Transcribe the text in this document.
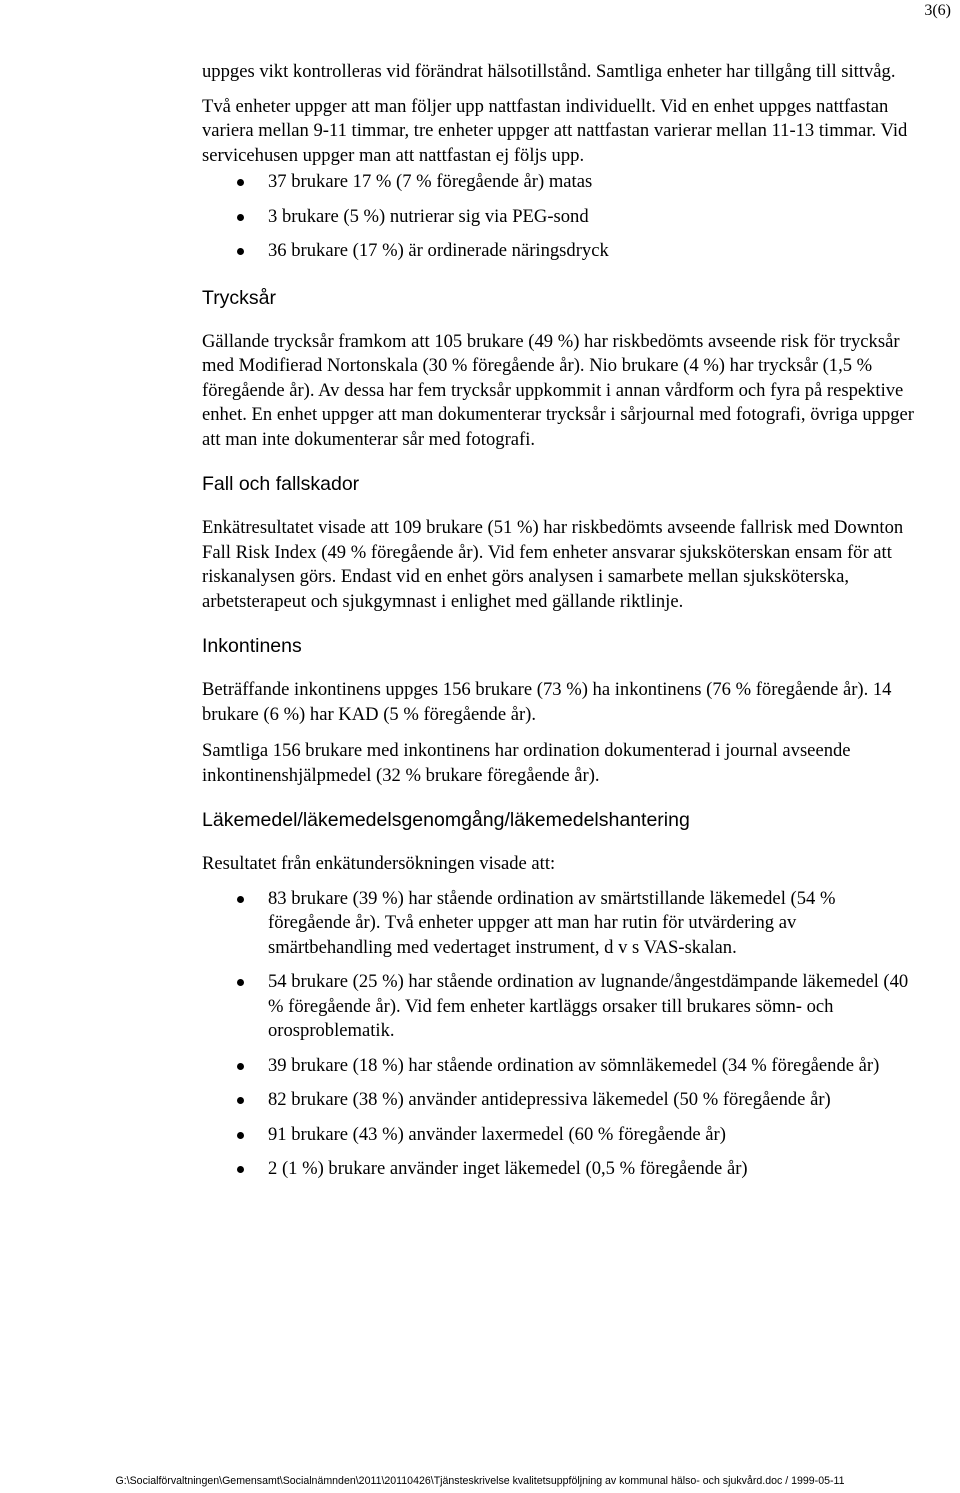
3(6)

uppges vikt kontrolleras vid förändrat hälsotillstånd. Samtliga enheter har tillgång till sittvåg.

Två enheter uppger att man följer upp nattfastan individuellt. Vid en enhet uppges nattfastan variera mellan 9-11 timmar, tre enheter uppger att nattfastan varierar mellan 11-13 timmar. Vid servicehusen uppger man att nattfastan ej följs upp.

37 brukare 17 % (7 % föregående år) matas
3 brukare (5 %) nutrierar sig via PEG-sond
36 brukare (17 %) är ordinerade näringsdryck
Trycksår

Gällande trycksår framkom att 105 brukare (49 %) har riskbedömts avseende risk för trycksår med Modifierad Nortonskala (30 % föregående år). Nio brukare (4 %) har trycksår (1,5 % föregående år). Av dessa har fem trycksår uppkommit i annan vårdform och fyra på respektive enhet. En enhet uppger att man dokumenterar trycksår i sårjournal med fotografi, övriga uppger att man inte dokumenterar sår med fotografi.

Fall och fallskador

Enkätresultatet visade att 109 brukare (51 %) har riskbedömts avseende fallrisk med Downton Fall Risk Index (49 % föregående år). Vid fem enheter ansvarar sjuksköterskan ensam för att riskanalysen görs. Endast vid en enhet görs analysen i samarbete mellan sjuksköterska, arbetsterapeut och sjukgymnast i enlighet med gällande riktlinje.

Inkontinens

Beträffande inkontinens uppges 156 brukare (73 %) ha inkontinens (76 % föregående år). 14 brukare (6 %) har KAD (5 % föregående år).

Samtliga 156 brukare med inkontinens har ordination dokumenterad i journal avseende inkontinenshjälpmedel (32 % brukare föregående år).

Läkemedel/läkemedelsgenomgång/läkemedelshantering

Resultatet från enkätundersökningen visade att:

83 brukare (39 %) har stående ordination av smärtstillande läkemedel (54 % föregående år). Två enheter uppger att man har rutin för utvärdering av smärtbehandling med vedertaget instrument, d v s VAS-skalan.
54 brukare (25 %) har stående ordination av lugnande/ångestdämpande läkemedel (40 % föregående år). Vid fem enheter kartläggs orsaker till brukares sömn- och orosproblematik.
39 brukare (18 %) har stående ordination av sömnläkemedel (34 % föregående år)
82 brukare (38 %) använder antidepressiva läkemedel (50 % föregående år)
91 brukare (43 %) använder laxermedel (60 % föregående år)
2 (1 %) brukare använder inget läkemedel (0,5 % föregående år)
G:\Socialförvaltningen\Gemensamt\Socialnämnden\2011\20110426\Tjänsteskrivelse kvalitetsuppföljning av kommunal hälso- och sjukvård.doc / 1999-05-11
